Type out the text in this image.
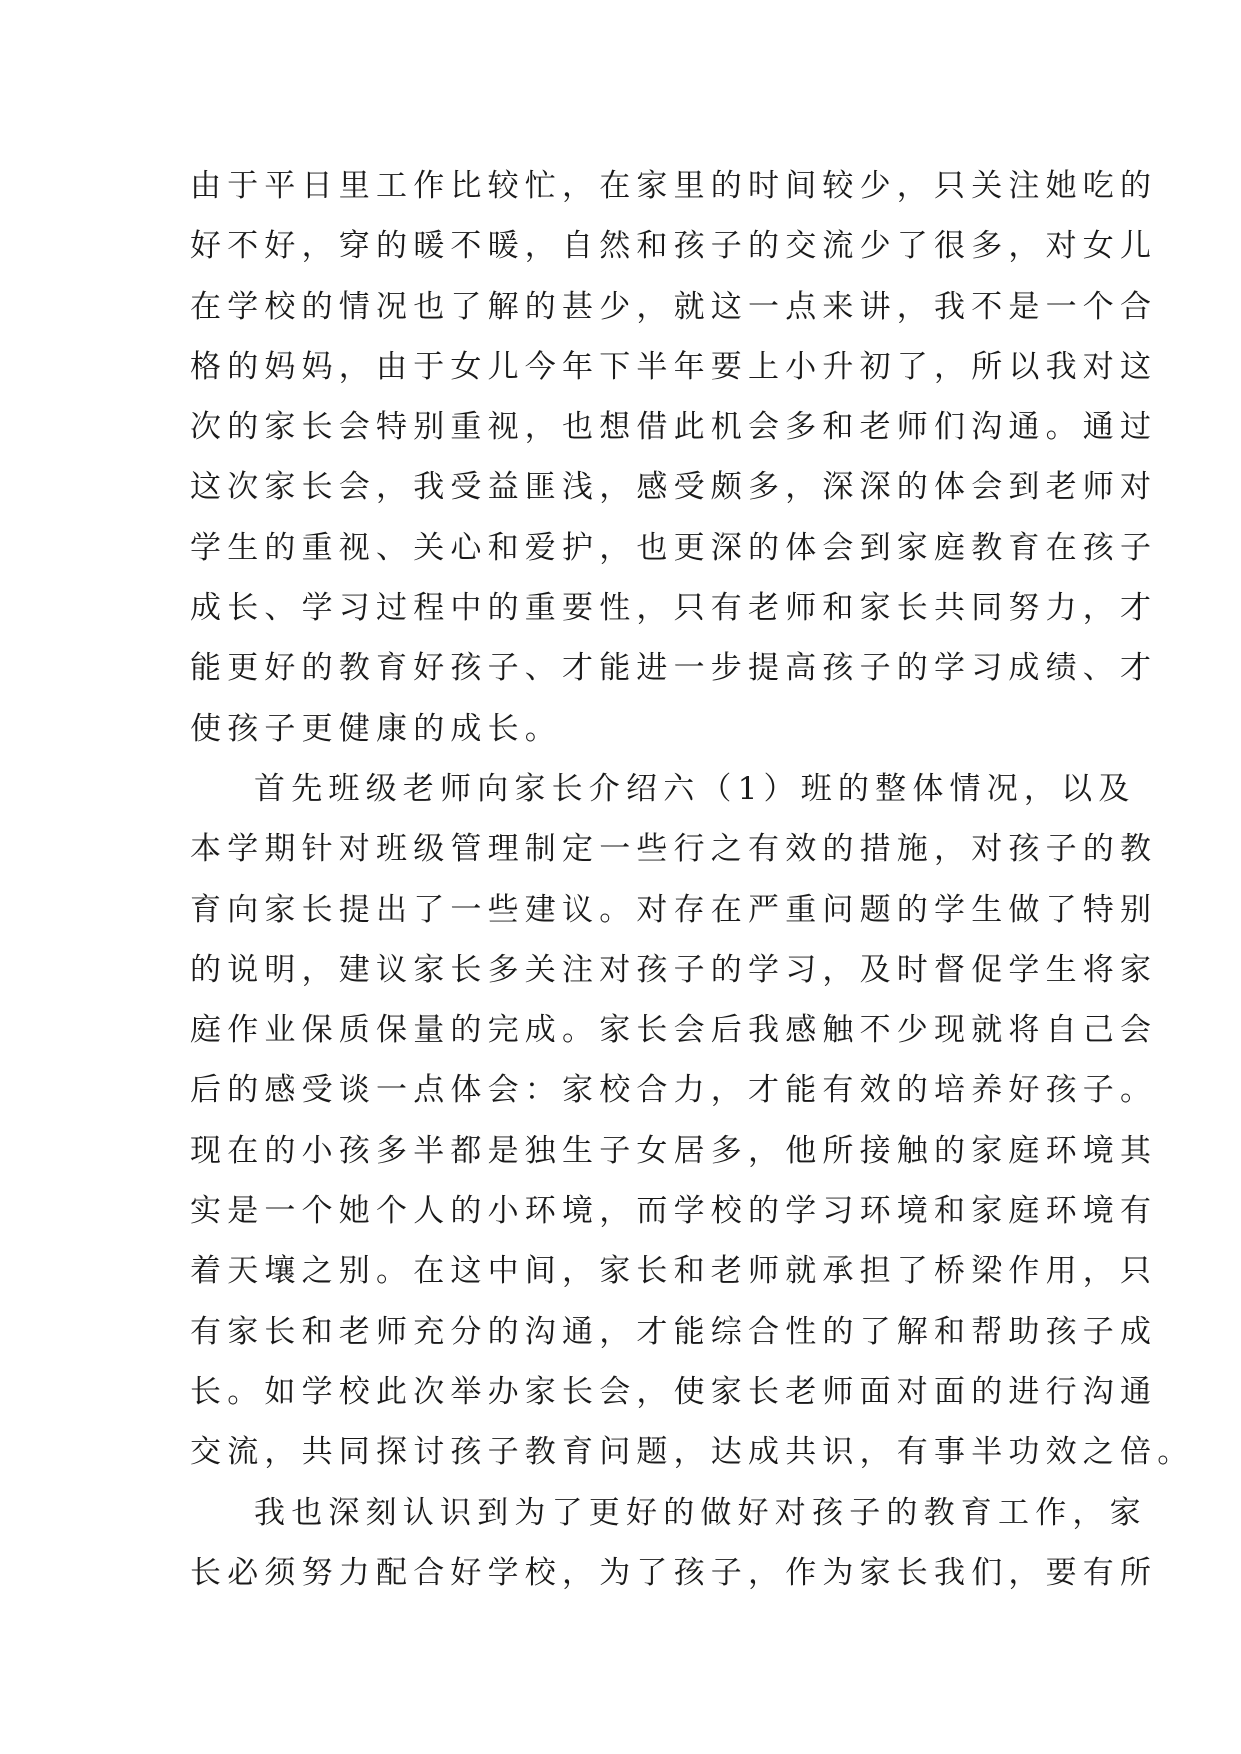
由于平日里工作比较忙，在家里的时间较少，只关注她吃的
好不好，穿的暖不暖，自然和孩子的交流少了很多，对女儿
在学校的情况也了解的甚少，就这一点来讲，我不是一个合
格的妈妈，由于女儿今年下半年要上小升初了，所以我对这
次的家长会特别重视，也想借此机会多和老师们沟通。通过
这次家长会，我受益匪浅，感受颇多，深深的体会到老师对
学生的重视、关心和爱护，也更深的体会到家庭教育在孩子
成长、学习过程中的重要性，只有老师和家长共同努力，才
能更好的教育好孩子、才能进一步提高孩子的学习成绩、才
使孩子更健康的成长。
首先班级老师向家长介绍六（1）班的整体情况，以及
本学期针对班级管理制定一些行之有效的措施，对孩子的教
育向家长提出了一些建议。对存在严重问题的学生做了特别
的说明，建议家长多关注对孩子的学习，及时督促学生将家
庭作业保质保量的完成。家长会后我感触不少现就将自己会
后的感受谈一点体会：家校合力，才能有效的培养好孩子。
现在的小孩多半都是独生子女居多，他所接触的家庭环境其
实是一个她个人的小环境，而学校的学习环境和家庭环境有
着天壤之别。在这中间，家长和老师就承担了桥梁作用，只
有家长和老师充分的沟通，才能综合性的了解和帮助孩子成
长。如学校此次举办家长会，使家长老师面对面的进行沟通
交流，共同探讨孩子教育问题，达成共识，有事半功效之倍。
我也深刻认识到为了更好的做好对孩子的教育工作，家
长必须努力配合好学校，为了孩子，作为家长我们，要有所
